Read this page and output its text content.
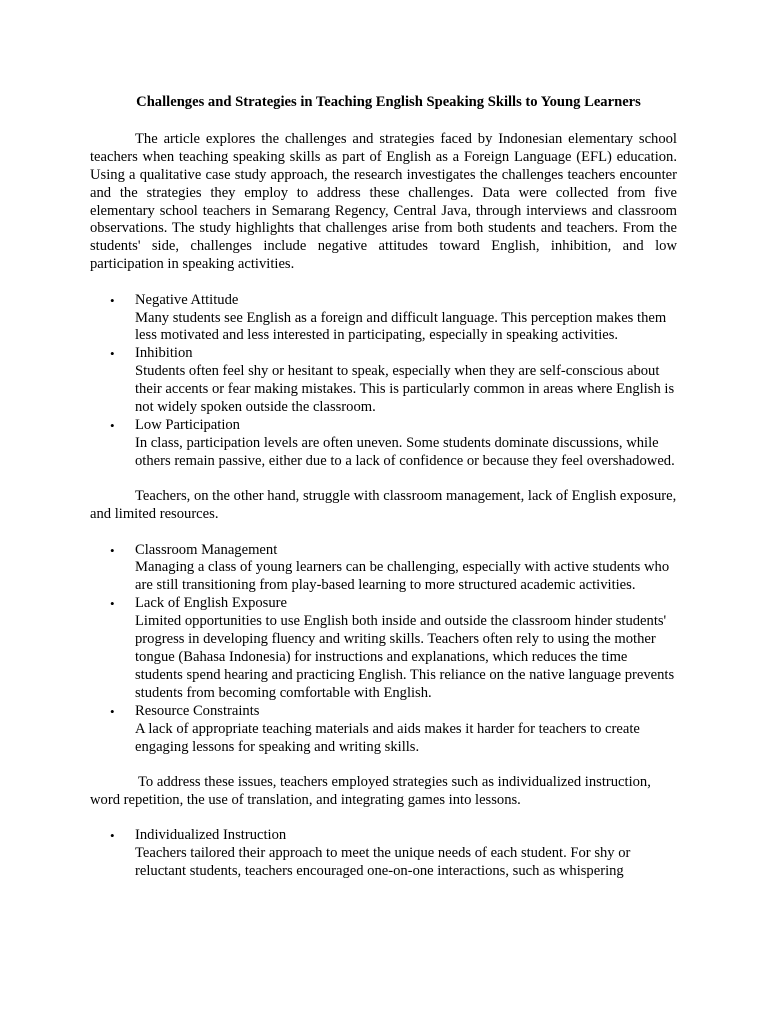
Challenges and Strategies in Teaching English Speaking Skills to Young Learners

The article explores the challenges and strategies faced by Indonesian elementary school teachers when teaching speaking skills as part of English as a Foreign Language (EFL) education. Using a qualitative case study approach, the research investigates the challenges teachers encounter and the strategies they employ to address these challenges. Data were collected from five elementary school teachers in Semarang Regency, Central Java, through interviews and classroom observations. The study highlights that challenges arise from both students and teachers. From the students' side, challenges include negative attitudes toward English, inhibition, and low participation in speaking activities.

• Negative Attitude
Many students see English as a foreign and difficult language. This perception makes them less motivated and less interested in participating, especially in speaking activities.
• Inhibition
Students often feel shy or hesitant to speak, especially when they are self-conscious about their accents or fear making mistakes. This is particularly common in areas where English is not widely spoken outside the classroom.
• Low Participation
In class, participation levels are often uneven. Some students dominate discussions, while others remain passive, either due to a lack of confidence or because they feel overshadowed.

Teachers, on the other hand, struggle with classroom management, lack of English exposure, and limited resources.

• Classroom Management
Managing a class of young learners can be challenging, especially with active students who are still transitioning from play-based learning to more structured academic activities.
• Lack of English Exposure
Limited opportunities to use English both inside and outside the classroom hinder students' progress in developing fluency and writing skills. Teachers often rely to using the mother tongue (Bahasa Indonesia) for instructions and explanations, which reduces the time students spend hearing and practicing English. This reliance on the native language prevents students from becoming comfortable with English.
• Resource Constraints
A lack of appropriate teaching materials and aids makes it harder for teachers to create engaging lessons for speaking and writing skills.

To address these issues, teachers employed strategies such as individualized instruction, word repetition, the use of translation, and integrating games into lessons.

• Individualized Instruction
Teachers tailored their approach to meet the unique needs of each student. For shy or reluctant students, teachers encouraged one-on-one interactions, such as whispering
